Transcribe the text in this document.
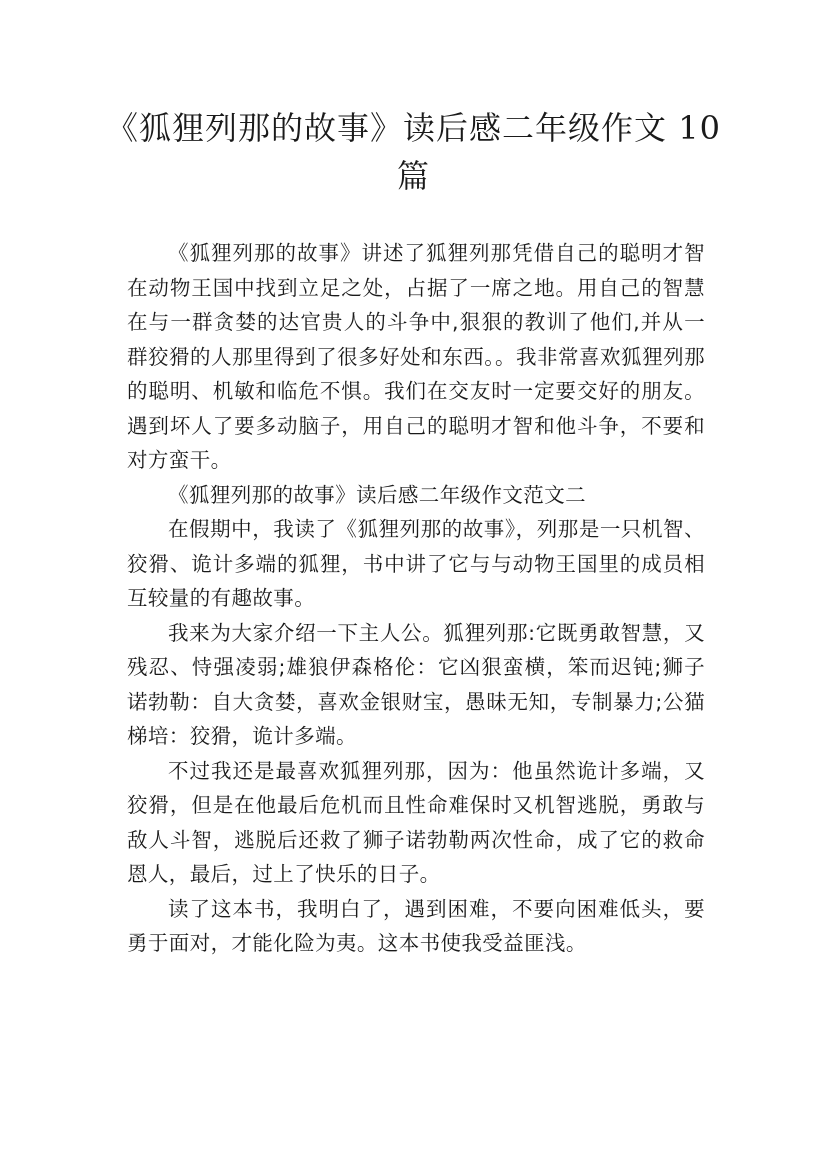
《狐狸列那的故事》读后感二年级作文 10 篇

《狐狸列那的故事》讲述了狐狸列那凭借自己的聪明才智在动物王国中找到立足之处，占据了一席之地。用自己的智慧在与一群贪婪的达官贵人的斗争中,狠狠的教训了他们,并从一群狡猾的人那里得到了很多好处和东西。。我非常喜欢狐狸列那的聪明、机敏和临危不惧。我们在交友时一定要交好的朋友。遇到坏人了要多动脑子，用自己的聪明才智和他斗争，不要和对方蛮干。

《狐狸列那的故事》读后感二年级作文范文二

在假期中，我读了《狐狸列那的故事》，列那是一只机智、狡猾、诡计多端的狐狸，书中讲了它与与动物王国里的成员相互较量的有趣故事。

我来为大家介绍一下主人公。狐狸列那:它既勇敢智慧，又残忍、恃强凌弱;雄狼伊森格伦：它凶狠蛮横，笨而迟钝;狮子诺勃勒：自大贪婪，喜欢金银财宝，愚昧无知，专制暴力;公猫梯培：狡猾，诡计多端。

不过我还是最喜欢狐狸列那，因为：他虽然诡计多端，又狡猾，但是在他最后危机而且性命难保时又机智逃脱，勇敢与敌人斗智，逃脱后还救了狮子诺勃勒两次性命，成了它的救命恩人，最后，过上了快乐的日子。

读了这本书，我明白了，遇到困难，不要向困难低头，要勇于面对，才能化险为夷。这本书使我受益匪浅。
